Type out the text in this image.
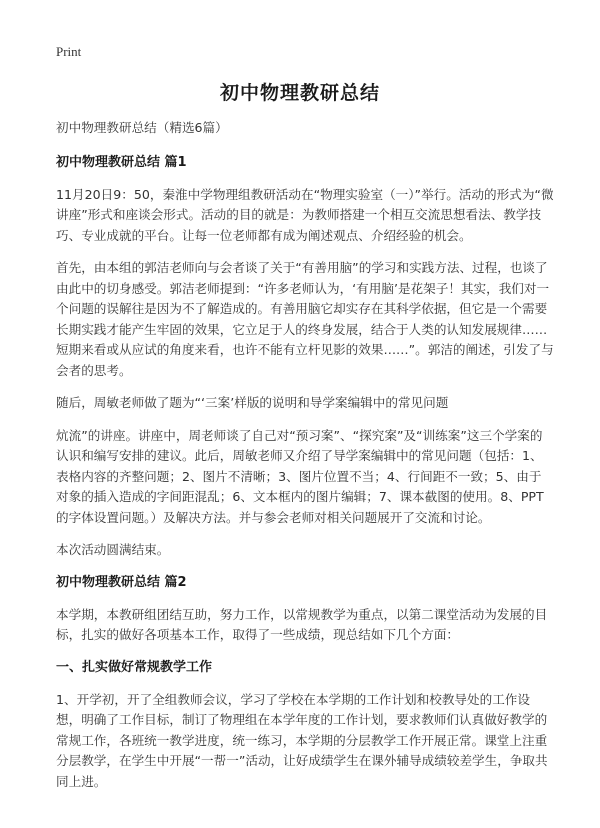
Print
初中物理教研总结

初中物理教研总结（精选6篇）

初中物理教研总结 篇1

11月20日9：50，秦淮中学物理组教研活动在“物理实验室（一）”举行。活动的形式为“微讲座”形式和座谈会形式。活动的目的就是：为教师搭建一个相互交流思想看法、教学技巧、专业成就的平台。让每一位老师都有成为阐述观点、介绍经验的机会。

首先，由本组的郭洁老师向与会者谈了关于“有善用脑”的学习和实践方法、过程，也谈了由此中的切身感受。郭洁老师提到：“许多老师认为，‘有用脑’是花架子！其实，我们对一个问题的误解往是因为不了解造成的。有善用脑它却实存在其科学依据，但它是一个需要长期实践才能产生牢固的效果，它立足于人的终身发展，结合于人类的认知发展规律……短期来看或从应试的角度来看，也许不能有立杆见影的效果……”。郭洁的阐述，引发了与会者的思考。

随后，周敏老师做了题为“‘三案’样版的说明和导学案编辑中的常见问题

炕流”的讲座。讲座中，周老师谈了自己对“预习案”、“探究案”及“训练案”这三个学案的认识和编写安排的建议。此后，周敏老师又介绍了导学案编辑中的常见问题（包括：1、表格内容的齐整问题；2、图片不清晰；3、图片位置不当；4、行间距不一致；5、由于对象的插入造成的字间距混乱；6、文本框内的图片编辑；7、课本截图的使用。8、PPT的字体设置问题。）及解决方法。并与参会老师对相关问题展开了交流和讨论。

本次活动圆满结束。

初中物理教研总结 篇2

本学期，本教研组团结互助，努力工作，以常规教学为重点，以第二课堂活动为发展的目标，扎实的做好各项基本工作，取得了一些成绩，现总结如下几个方面：

一、扎实做好常规教学工作

1、开学初，开了全组教师会议，学习了学校在本学期的工作计划和校教导处的工作设想，明确了工作目标，制订了物理组在本学年度的工作计划，要求教师们认真做好教学的常规工作，各班统一教学进度，统一练习，本学期的分层教学工作开展正常。课堂上注重分层教学，在学生中开展“一帮一”活动，让好成绩学生在课外辅导成绩较差学生，争取共同上进。
